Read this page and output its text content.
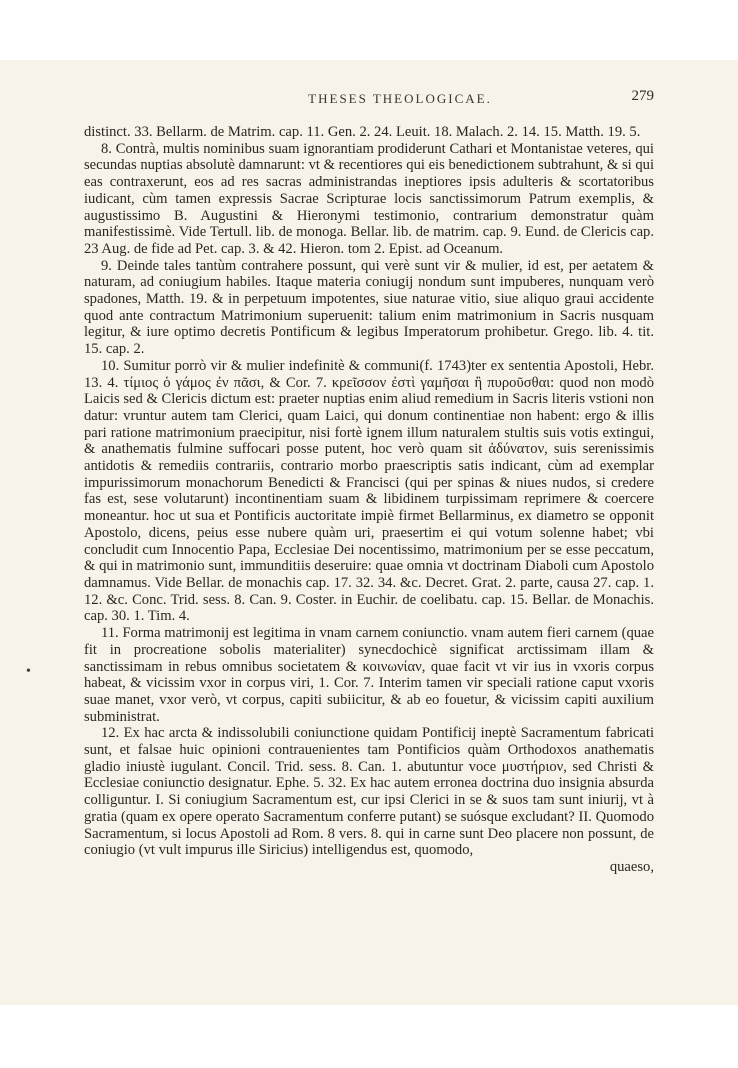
THESES THEOLOGICAE.	279

distinct. 33. Bellarm. de Matrim. cap. 11. Gen. 2. 24. Leuit. 18. Malach. 2. 14. 15. Matth. 19. 5.

8. Contrà, multis nominibus suam ignorantiam prodiderunt Cathari et Montanistae veteres, qui secundas nuptias absolutè damnarunt: vt & recentiores qui eis benedictionem subtrahunt, & si qui eas contraxerunt, eos ad res sacras administrandas ineptiores ipsis adulteris & scortatoribus iudicant, cùm tamen expressis Sacrae Scripturae locis sanctissimorum Patrum exemplis, & augustissimo B. Augustini & Hieronymi testimonio, contrarium demonstratur quàm manifestissimè. Vide Tertull. lib. de monoga. Bellar. lib. de matrim. cap. 9. Eund. de Clericis cap. 23 Aug. de fide ad Pet. cap. 3. & 42. Hieron. tom 2. Epist. ad Oceanum.

9. Deinde tales tantùm contrahere possunt, qui verè sunt vir & mulier, id est, per aetatem & naturam, ad coniugium habiles. Itaque materia coniugij nondum sunt impuberes, nunquam verò spadones, Matth. 19. & in perpetuum impotentes, siue naturae vitio, siue aliquo graui accidente quod ante contractum Matrimonium superuenit: talium enim matrimonium in Sacris nusquam legitur, & iure optimo decretis Pontificum & legibus Imperatorum prohibetur. Grego. lib. 4. tit. 15. cap. 2.

10. Sumitur porrò vir & mulier indefinitè & communi(f. 1743)ter ex sententia Apostoli, Hebr. 13. 4. τίμιος ὁ γάμος ἐν πᾶσι, & Cor. 7. κρεῖσσον ἐστὶ γαμῆσαι ἢ πυροῦσθαι: quod non modò Laicis sed & Clericis dictum est: praeter nuptias enim aliud remedium in Sacris literis vstioni non datur: vruntur autem tam Clerici, quam Laici, qui donum continentiae non habent: ergo & illis pari ratione matrimonium praecipitur, nisi fortè ignem illum naturalem stultis suis votis extingui, & anathematis fulmine suffocari posse putent, hoc verò quam sit ἀδύνατον, suis serenissimis antidotis & remediis contrariis, contrario morbo praescriptis satis indicant, cùm ad exemplar impurissimorum monachorum Benedicti & Francisci (qui per spinas & niues nudos, si credere fas est, sese volutarunt) incontinentiam suam & libidinem turpissimam reprimere & coercere moneantur. hoc ut sua et Pontificis auctoritate impiè firmet Bellarminus, ex diametro se opponit Apostolo, dicens, peius esse nubere quàm uri, praesertim ei qui votum solenne habet; vbi concludit cum Innocentio Papa, Ecclesiae Dei nocentissimo, matrimonium per se esse peccatum, & qui in matrimonio sunt, immunditiis deseruire: quae omnia vt doctrinam Diaboli cum Apostolo damnamus. Vide Bellar. de monachis cap. 17. 32. 34. &c. Decret. Grat. 2. parte, causa 27. cap. 1. 12. &c. Conc. Trid. sess. 8. Can. 9. Coster. in Euchir. de coelibatu. cap. 15. Bellar. de Monachis. cap. 30. 1. Tim. 4.

11. Forma matrimonij est legitima in vnam carnem coniunctio. vnam autem fieri carnem (quae fit in procreatione sobolis materialiter) synecdochicè significat arctissimam illam & sanctissimam in rebus omnibus societatem & κοινωνίαν, quae facit vt vir ius in vxoris corpus habeat, & vicissim vxor in corpus viri, 1. Cor. 7. Interim tamen vir speciali ratione caput vxoris suae manet, vxor verò, vt corpus, capiti subiicitur, & ab eo fouetur, & vicissim capiti auxilium subministrat.

12. Ex hac arcta & indissolubili coniunctione quidam Pontificij ineptè Sacramentum fabricati sunt, et falsae huic opinioni contrauenientes tam Pontificios quàm Orthodoxos anathematis gladio iniustè iugulant. Concil. Trid. sess. 8. Can. 1. abutuntur voce μυστήριον, sed Christi & Ecclesiae coniunctio designatur. Ephe. 5. 32. Ex hac autem erronea doctrina duo insignia absurda colliguntur. I. Si coniugium Sacramentum est, cur ipsi Clerici in se & suos tam sunt iniurij, vt à gratia (quam ex opere operato Sacramentum conferre putant) se suósque excludant? II. Quomodo Sacramentum, si locus Apostoli ad Rom. 8 vers. 8. qui in carne sunt Deo placere non possunt, de coniugio (vt vult impurus ille Siricius) intelligendus est, quomodo,

quaeso,

•
